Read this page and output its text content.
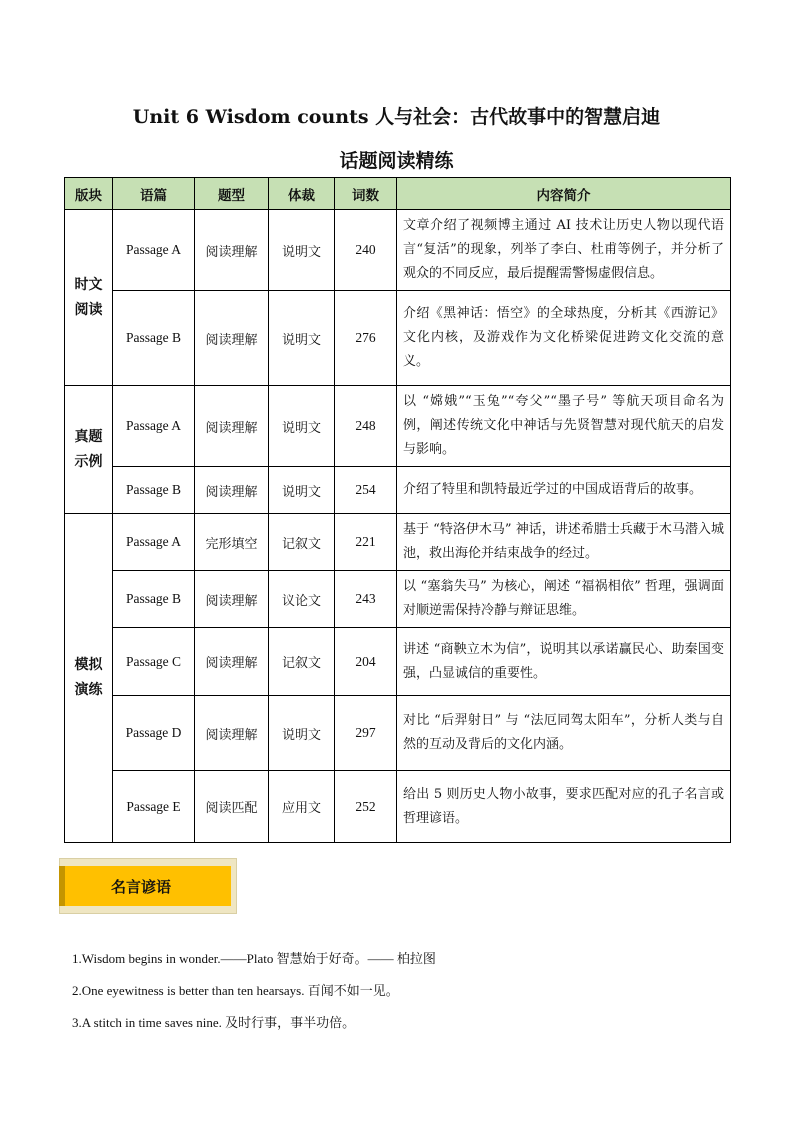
Unit 6 Wisdom counts 人与社会：古代故事中的智慧启迪
话题阅读精练
版块	语篇	题型	体裁	词数	内容简介
时文
阅读	Passage A	阅读理解	说明文	240	文章介绍了视频博主通过 AI 技术让历史人物以现代语言“复活”的现象，列举了李白、杜甫等例子，并分析了观众的不同反应，最后提醒需警惕虚假信息。
	Passage B	阅读理解	说明文	276	介绍《黑神话：悟空》的全球热度，分析其《西游记》文化内核，及游戏作为文化桥梁促进跨文化交流的意义。
真题
示例	Passage A	阅读理解	说明文	248	以 “嫦娥”“玉兔”“夸父”“墨子号” 等航天项目命名为例，阐述传统文化中神话与先贤智慧对现代航天的启发与影响。
	Passage B	阅读理解	说明文	254	介绍了特里和凯特最近学过的中国成语背后的故事。
模拟
演练	Passage A	完形填空	记叙文	221	基于 “特洛伊木马” 神话，讲述希腊士兵藏于木马潜入城池，救出海伦并结束战争的经过。
	Passage B	阅读理解	议论文	243	以 “塞翁失马” 为核心，阐述 “福祸相依” 哲理，强调面对顺逆需保持冷静与辩证思维。
	Passage C	阅读理解	记叙文	204	讲述 “商鞅立木为信”，说明其以承诺赢民心、助秦国变强，凸显诚信的重要性。
	Passage D	阅读理解	说明文	297	对比 “后羿射日” 与 “法厄同驾太阳车”，分析人类与自然的互动及背后的文化内涵。
	Passage E	阅读匹配	应用文	252	给出 5 则历史人物小故事，要求匹配对应的孔子名言或哲理谚语。
名言谚语
1.Wisdom begins in wonder.——Plato 智慧始于好奇。—— 柏拉图
2.One eyewitness is better than ten hearsays. 百闻不如一见。
3.A stitch in time saves nine. 及时行事，事半功倍。
